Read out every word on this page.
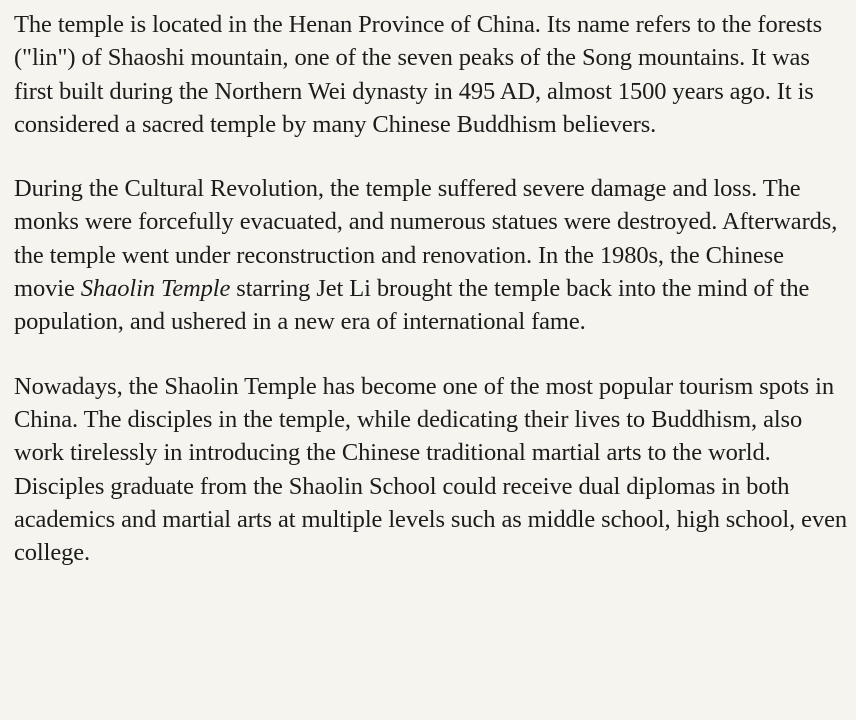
The temple is located in the Henan Province of China. Its name refers to the forests ("lin") of Shaoshi mountain, one of the seven peaks of the Song mountains. It was first built during the Northern Wei dynasty in 495 AD, almost 1500 years ago. It is considered a sacred temple by many Chinese Buddhism believers.

During the Cultural Revolution, the temple suffered severe damage and loss. The monks were forcefully evacuated, and numerous statues were destroyed. Afterwards, the temple went under reconstruction and renovation. In the 1980s, the Chinese movie Shaolin Temple starring Jet Li brought the temple back into the mind of the population, and ushered in a new era of international fame.

Nowadays, the Shaolin Temple has become one of the most popular tourism spots in China. The disciples in the temple, while dedicating their lives to Buddhism, also work tirelessly in introducing the Chinese traditional martial arts to the world. Disciples graduate from the Shaolin School could receive dual diplomas in both academics and martial arts at multiple levels such as middle school, high school, even college.
